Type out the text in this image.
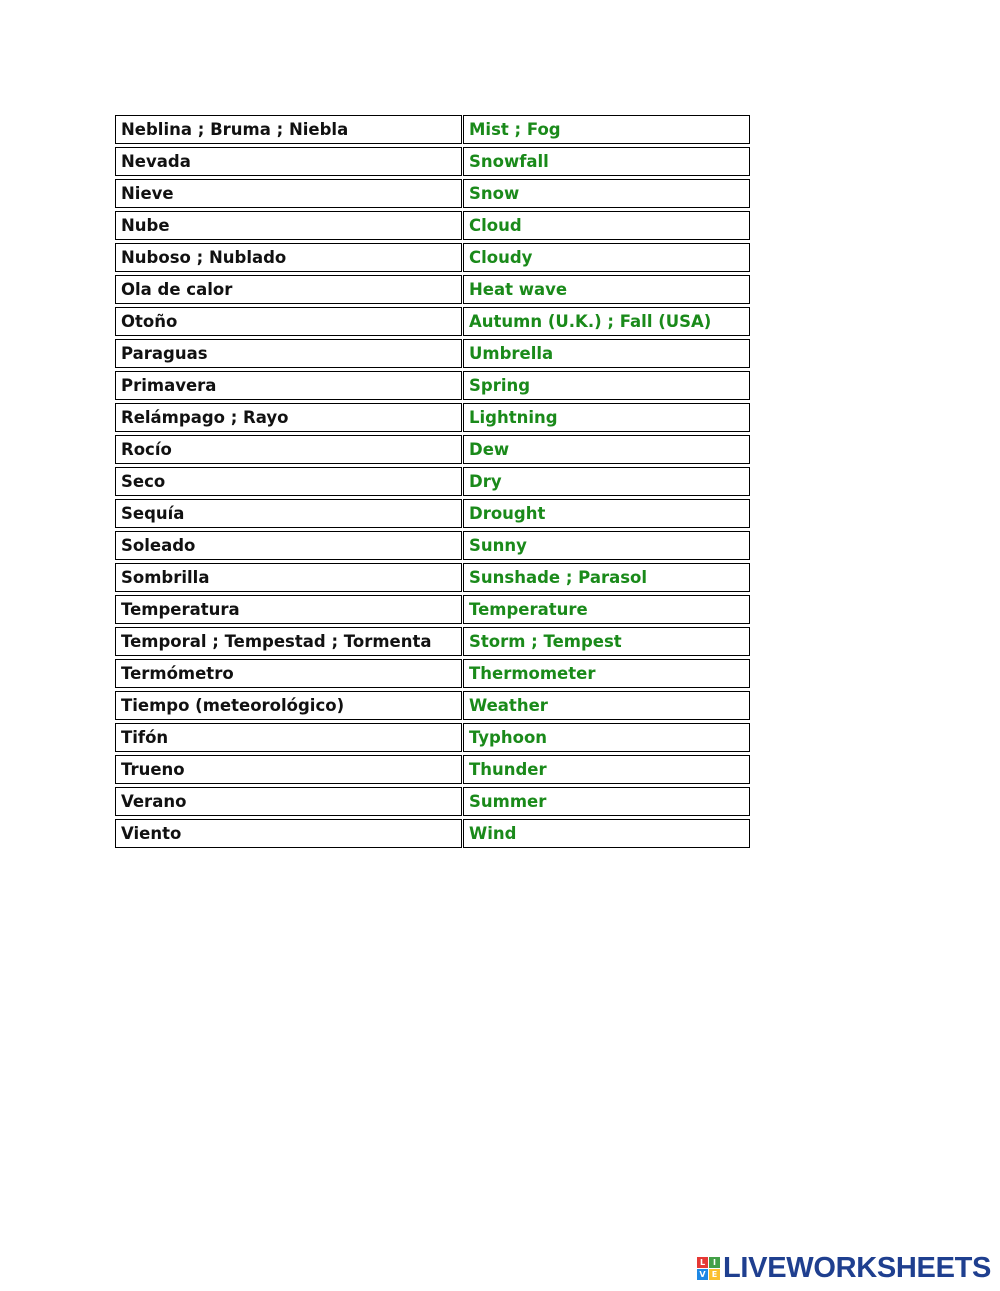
Neblina ; Bruma ; Niebla	Mist ; Fog
Nevada	Snowfall
Nieve	Snow
Nube	Cloud
Nuboso ; Nublado	Cloudy
Ola de calor	Heat wave
Otoño	Autumn (U.K.) ; Fall (USA)
Paraguas	Umbrella
Primavera	Spring
Relámpago ; Rayo	Lightning
Rocío	Dew
Seco	Dry
Sequía	Drought
Soleado	Sunny
Sombrilla	Sunshade ; Parasol
Temperatura	Temperature
Temporal ; Tempestad ; Tormenta	Storm ; Tempest
Termómetro	Thermometer
Tiempo (meteorológico)	Weather
Tifón	Typhoon
Trueno	Thunder
Verano	Summer
Viento	Wind
L I
V E LIVEWORKSHEETS
